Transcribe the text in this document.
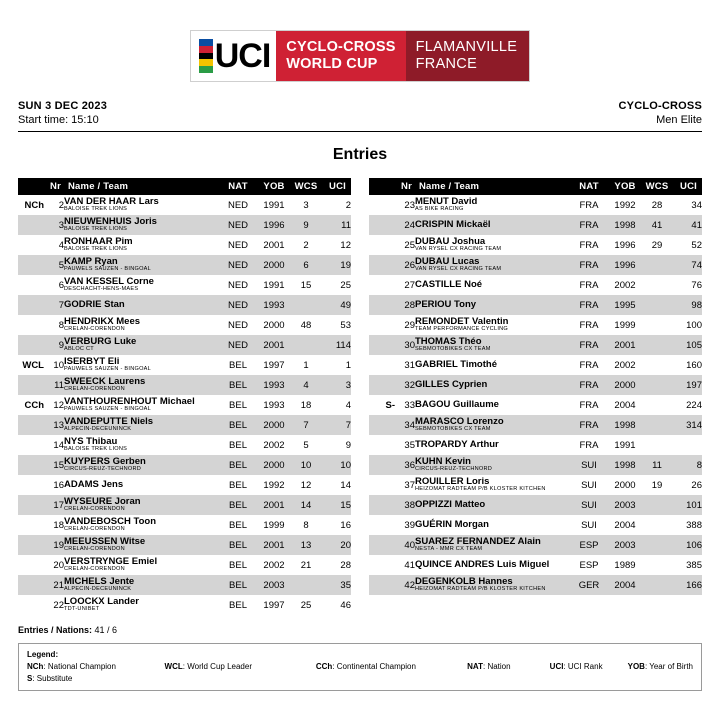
UCI CYCLO-CROSS
WORLD CUP
FLAMANVILLE
FRANCE
SUN 3 DEC 2023
Start time: 15:10
CYCLO-CROSS
Men Elite
Entries
	Nr	Name / Team	NAT	YOB	WCS	UCI
NCh	2	VAN DER HAAR Lars
BALOISE TREK LIONS	NED	1991	3	2
	3	NIEUWENHUIS Joris
BALOISE TREK LIONS	NED	1996	9	11
	4	RONHAAR Pim
BALOISE TREK LIONS	NED	2001	2	12
	5	KAMP Ryan
PAUWELS SAUZEN - BINGOAL	NED	2000	6	19
	6	VAN KESSEL Corne
DESCHACHT-HENS-MAES	NED	1991	15	25
	7	GODRIE Stan	NED	1993		49
	8	HENDRIKX Mees
CRELAN-CORENDON	NED	2000	48	53
	9	VERBURG Luke
ABLOC CT	NED	2001		114
WCL	10	ISERBYT Eli
PAUWELS SAUZEN - BINGOAL	BEL	1997	1	1
	11	SWEECK Laurens
CRELAN-CORENDON	BEL	1993	4	3
CCh	12	VANTHOURENHOUT Michael
PAUWELS SAUZEN - BINGOAL	BEL	1993	18	4
	13	VANDEPUTTE Niels
ALPECIN-DECEUNINCK	BEL	2000	7	7
	14	NYS Thibau
BALOISE TREK LIONS	BEL	2002	5	9
	15	KUYPERS Gerben
CIRCUS-REUZ-TECHNORD	BEL	2000	10	10
	16	ADAMS Jens	BEL	1992	12	14
	17	WYSEURE Joran
CRELAN-CORENDON	BEL	2001	14	15
	18	VANDEBOSCH Toon
CRELAN-CORENDON	BEL	1999	8	16
	19	MEEUSSEN Witse
CRELAN-CORENDON	BEL	2001	13	20
	20	VERSTRYNGE Emiel
CRELAN-CORENDON	BEL	2002	21	28
	21	MICHELS Jente
ALPECIN-DECEUNINCK	BEL	2003		35
	22	LOOCKX Lander
TDT-UNIBET	BEL	1997	25	46
	Nr	Name / Team	NAT	YOB	WCS	UCI
	23	MENUT David
AS BIKE RACING	FRA	1992	28	34
	24	CRISPIN Mickaël	FRA	1998	41	41
	25	DUBAU Joshua
VAN RYSEL CX RACING TEAM	FRA	1996	29	52
	26	DUBAU Lucas
VAN RYSEL CX RACING TEAM	FRA	1996		74
	27	CASTILLE Noé	FRA	2002		76
	28	PERIOU Tony	FRA	1995		98
	29	REMONDET Valentin
TEAM PERFORMANCE CYCLING	FRA	1999		100
	30	THOMAS Théo
SEBMOTOBIKES CX TEAM	FRA	2001		105
	31	GABRIEL Timothé	FRA	2002		160
	32	GILLES Cyprien	FRA	2000		197
S-	33	BAGOU Guillaume	FRA	2004		224
	34	MARASCO Lorenzo
SEBMOTOBIKES CX TEAM	FRA	1998		314
	35	TROPARDY Arthur	FRA	1991		
	36	KUHN Kevin
CIRCUS-REUZ-TECHNORD	SUI	1998	11	8
	37	ROUILLER Loris
HEIZOMAT RADTEAM P/B KLOSTER KITCHEN	SUI	2000	19	26
	38	OPPIZZI Matteo	SUI	2003		101
	39	GUÉRIN Morgan	SUI	2004		388
	40	SUAREZ FERNANDEZ Alain
NESTA - MMR CX TEAM	ESP	2003		106
	41	QUINCE ANDRES Luis Miguel	ESP	1989		385
	42	DEGENKOLB Hannes
HEIZOMAT RADTEAM P/B KLOSTER KITCHEN	GER	2004		166
Entries / Nations: 41 / 6
Legend:
NCh: National Champion	WCL: World Cup Leader	CCh: Continental Champion	NAT: Nation	UCI: UCI Rank	YOB: Year of Birth
S: Substitute
